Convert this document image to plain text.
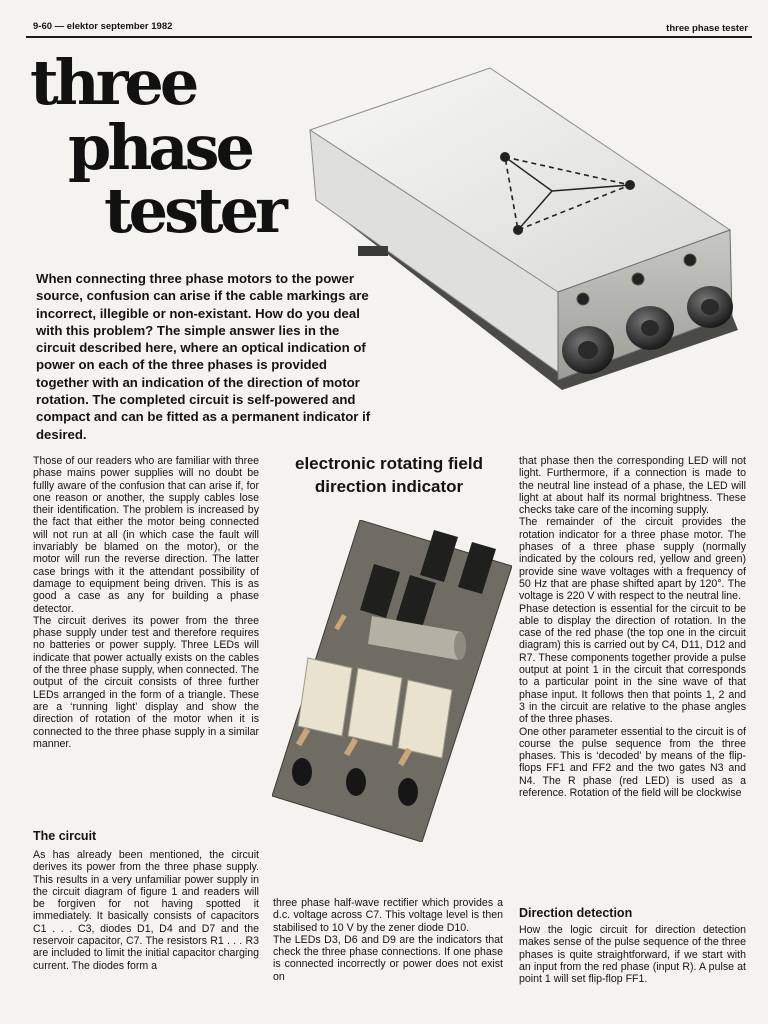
9-60 — elektor september 1982	three phase tester
three
phase
tester

When connecting three phase motors to the power source, confusion can arise if the cable markings are incorrect, illegible or non-existant. How do you deal with this problem? The simple answer lies in the circuit described here, where an optical indication of power on each of the three phases is provided together with an indication of the direction of motor rotation. The completed circuit is self-powered and compact and can be fitted as a permanent indicator if desired.

Those of our readers who are familiar with three phase mains power supplies will no doubt be fullly aware of the confusion that can arise if, for one reason or another, the supply cables lose their identification. The problem is increased by the fact that either the motor being connected will not run at all (in which case the fault will invariably be blamed on the motor), or the motor will run the reverse direction. The latter case brings with it the attendant possibility of damage to equipment being driven. This is as good a case as any for building a phase detector.
The circuit derives its power from the three phase supply under test and therefore requires no batteries or power supply. Three LEDs will indicate that power actually exists on the cables of the three phase supply, when connected. The output of the circuit consists of three further LEDs arranged in the form of a triangle. These are a ‘running light’ display and show the direction of rotation of the motor when it is connected to the three phase supply in a similar manner.

The circuit

As has already been mentioned, the circuit derives its power from the three phase supply. This results in a very unfamiliar power supply in the circuit diagram of figure 1 and readers will be forgiven for not having spotted it immediately. It basically consists of capacitors C1 . . . C3, diodes D1, D4 and D7 and the reservoir capacitor, C7. The resistors R1 . . . R3 are included to limit the initial capacitor charging current. The diodes form a

electronic rotating field direction indicator

three phase half-wave rectifier which provides a d.c. voltage across C7. This voltage level is then stabilised to 10 V by the zener diode D10.
The LEDs D3, D6 and D9 are the indicators that check the three phase connections. If one phase is connected incorrectly or power does not exist on

that phase then the corresponding LED will not light. Furthermore, if a connection is made to the neutral line instead of a phase, the LED will light at about half its normal brightness. These checks take care of the incoming supply.
The remainder of the circuit provides the rotation indicator for a three phase motor. The phases of a three phase supply (normally indicated by the colours red, yellow and green) provide sine wave voltages with a frequency of 50 Hz that are phase shifted apart by 120°. The voltage is 220 V with respect to the neutral line.
Phase detection is essential for the circuit to be able to display the direction of rotation. In the case of the red phase (the top one in the circuit diagram) this is carried out by C4, D11, D12 and R7. These components together provide a pulse output at point 1 in the circuit that corresponds to a particular point in the sine wave of that phase input. It follows then that points 1, 2 and 3 in the circuit are relative to the phase angles of the three phases.
One other parameter essential to the circuit is of course the pulse sequence from the three phases. This is ‘decoded’ by means of the flip-flops FF1 and FF2 and the two gates N3 and N4. The R phase (red LED) is used as a reference. Rotation of the field will be clockwise

Direction detection

How the logic circuit for direction detection makes sense of the pulse sequence of the three phases is quite straightforward, if we start with an input from the red phase (input R). A pulse at point 1 will set flip-flop FF1.
